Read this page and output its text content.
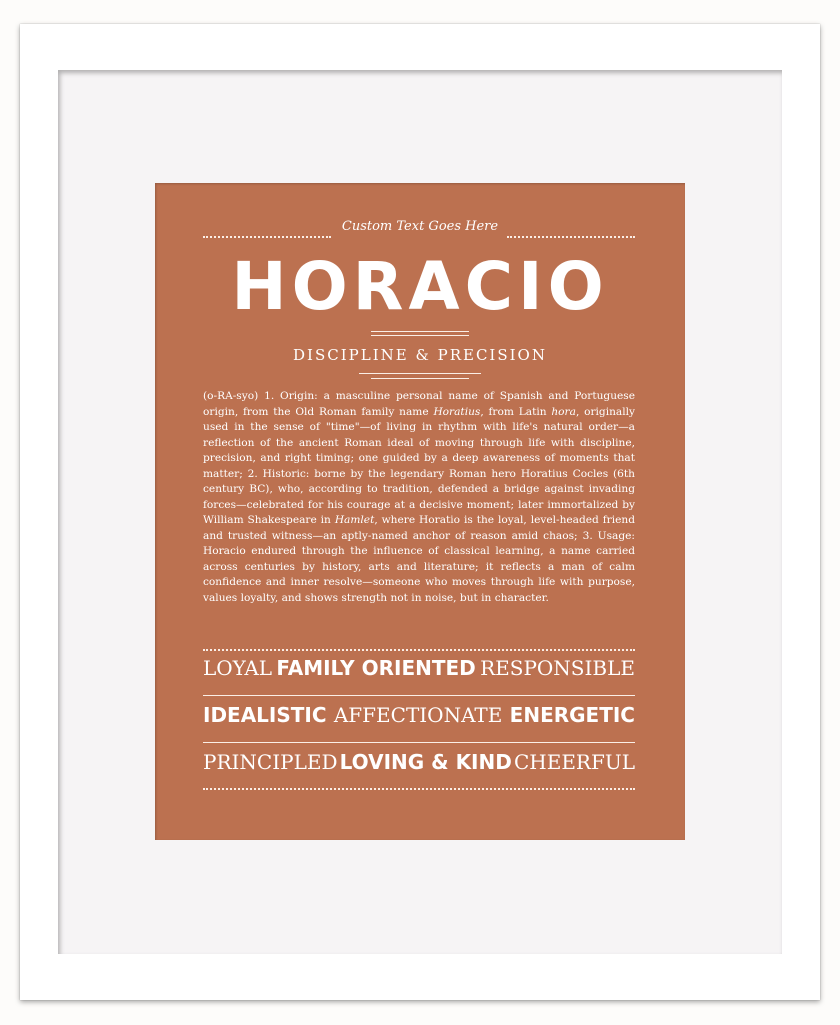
Custom Text Goes Here
HORACIO
DISCIPLINE & PRECISION
(o-RA-syo) 1. Origin: a masculine personal name of Spanish and Portuguese origin, from the Old Roman family name Horatius, from Latin hora, originally used in the sense of "time"—of living in rhythm with life's natural order—a reflection of the ancient Roman ideal of moving through life with discipline, precision, and right timing; one guided by a deep awareness of moments that matter; 2. Historic: borne by the legendary Roman hero Horatius Cocles (6th century BC), who, according to tradition, defended a bridge against invading forces—celebrated for his courage at a decisive moment; later immortalized by William Shakespeare in Hamlet, where Horatio is the loyal, level-headed friend and trusted witness—an aptly-named anchor of reason amid chaos; 3. Usage: Horacio endured through the influence of classical learning, a name carried across centuries by history, arts and literature; it reflects a man of calm confidence and inner resolve—someone who moves through life with purpose, values loyalty, and shows strength not in noise, but in character.
LOYAL FAMILY ORIENTED RESPONSIBLE
IDEALISTIC AFFECTIONATE ENERGETIC
PRINCIPLED LOVING & KIND CHEERFUL
